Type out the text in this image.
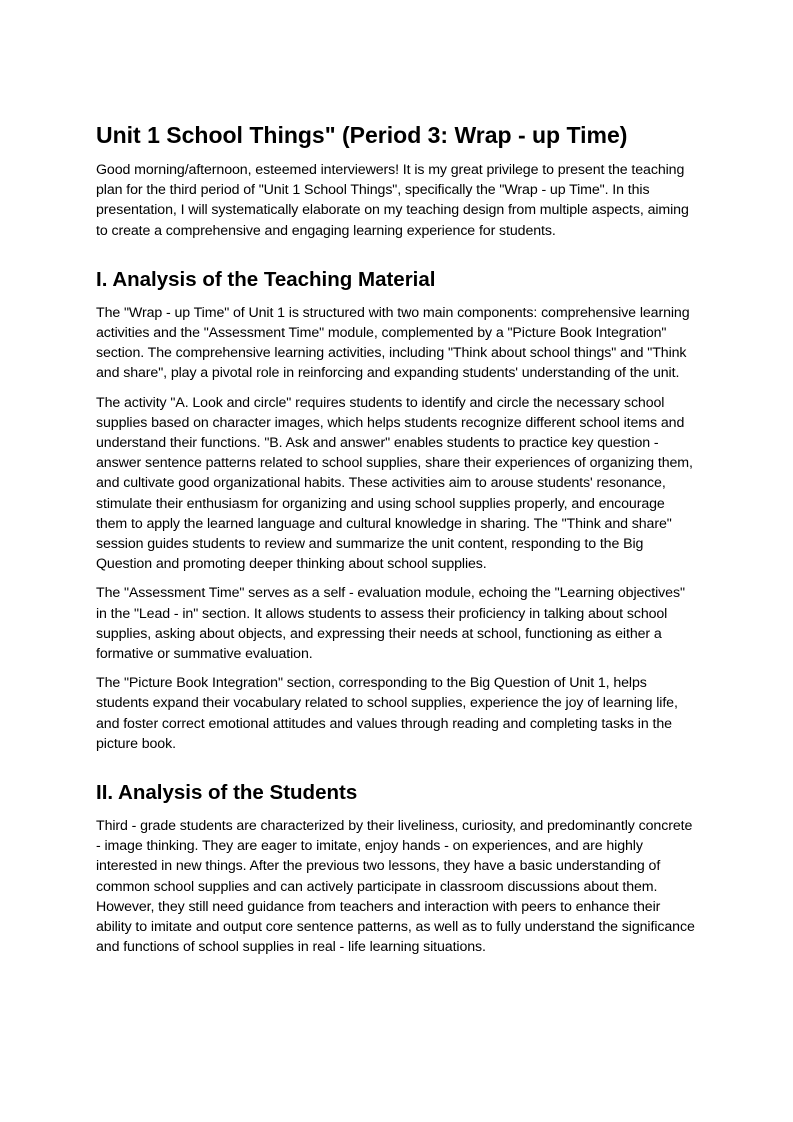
Unit 1 School Things" (Period 3: Wrap - up Time)

Good morning/afternoon, esteemed interviewers! It is my great privilege to present the teaching plan for the third period of "Unit 1 School Things", specifically the "Wrap - up Time". In this presentation, I will systematically elaborate on my teaching design from multiple aspects, aiming to create a comprehensive and engaging learning experience for students.

I. Analysis of the Teaching Material

The "Wrap - up Time" of Unit 1 is structured with two main components: comprehensive learning activities and the "Assessment Time" module, complemented by a "Picture Book Integration" section. The comprehensive learning activities, including "Think about school things" and "Think and share", play a pivotal role in reinforcing and expanding students' understanding of the unit.

The activity "A. Look and circle" requires students to identify and circle the necessary school supplies based on character images, which helps students recognize different school items and understand their functions. "B. Ask and answer" enables students to practice key question - answer sentence patterns related to school supplies, share their experiences of organizing them, and cultivate good organizational habits. These activities aim to arouse students' resonance, stimulate their enthusiasm for organizing and using school supplies properly, and encourage them to apply the learned language and cultural knowledge in sharing. The "Think and share" session guides students to review and summarize the unit content, responding to the Big Question and promoting deeper thinking about school supplies.

The "Assessment Time" serves as a self - evaluation module, echoing the "Learning objectives" in the "Lead - in" section. It allows students to assess their proficiency in talking about school supplies, asking about objects, and expressing their needs at school, functioning as either a formative or summative evaluation.

The "Picture Book Integration" section, corresponding to the Big Question of Unit 1, helps students expand their vocabulary related to school supplies, experience the joy of learning life, and foster correct emotional attitudes and values through reading and completing tasks in the picture book.

II. Analysis of the Students

Third - grade students are characterized by their liveliness, curiosity, and predominantly concrete - image thinking. They are eager to imitate, enjoy hands - on experiences, and are highly interested in new things. After the previous two lessons, they have a basic understanding of common school supplies and can actively participate in classroom discussions about them. However, they still need guidance from teachers and interaction with peers to enhance their ability to imitate and output core sentence patterns, as well as to fully understand the significance and functions of school supplies in real - life learning situations.
